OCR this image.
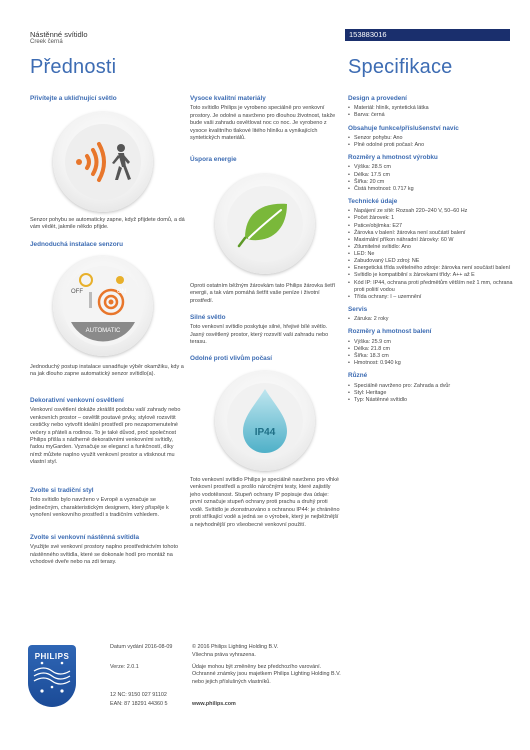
Nástěnné svítidlo
Creek černá
153883016
Přednosti	Specifikace
Přivítejte a ukliďnující světlo
Senzor pohybu se automaticky zapne, když přijdete domů, a dá vám vědět, jakmile někdo přijde.
Jednoduchá instalace senzoru
OFF	ON
AUTOMATIC
Jednoduchý postup instalace usnadňuje výběr okamžiku, kdy a na jak dlouho zapne automatický senzor svítidlo(a).
Dekorativní venkovní osvětlení
Venkovní osvětlení dokáže zkrášlit podobu vaší zahrady nebo venkovních prostor – osvětlit poutavé prvky, stylově rozsvítit cestičky nebo vytvořit ideální prostředí pro nezapomenutelné večery s přáteli a rodinou. To je také důvod, proč společnost Philips přišla s nádherně dekorativními venkovními svítidly, řadou myGarden. Vyznačuje se elegancí a funkčností, díky nímž můžete naplno využít venkovní prostor a vtisknout mu vlastní styl.
Zvolte si tradiční styl
Toto svítidlo bylo navrženo v Evropě a vyznačuje se jedinečným, charakteristickým designem, který přispěje k vynoření venkovního prostředí s tradičním vzhledem.
Zvolte si venkovní nástěnná svítidla
Využijte své venkovní prostory naplno prostřednictvím tohoto nástěnného svítidla, které se dokonale hodí pro montáž na vchodové dveře nebo na zdi terasy.
Vysoce kvalitní materiály
Toto svítidlo Philips je vyrobeno speciálně pro venkovní prostory. Je odolné a navrženo pro dlouhou životnost, takže bude vaši zahradu osvětlovat noc co noc. Je vyrobeno z vysoce kvalitního tlakové litého hliníku a vynikajících syntetických materiálů.
Úspora energie
Oproti ostatním běžným žárovkám tato Philips žárovka šetří energii, a tak vám pomáhá šetřit vaše peníze i životní prostředí.
Silné světlo
Toto venkovní svítidlo poskytuje silné, hřejivé bílé světlo. Jasný osvětlený prostor, který rozsvítí vaši zahradu nebo terasu.
Odolné proti vlivům počasí
IP44
Toto venkovní svítidlo Philips je speciálně navrženo pro vlhké venkovní prostředí a prošlo náročnými testy, které zajistily jeho vodotěsnost. Stupeň ochrany IP popisuje dva údaje: první označuje stupeň ochrany proti prachu a druhý proti vodě. Svítidlo je zkonstruováno s ochranou IP44: je chráněno proti stříkající vodě a jedná se o výrobek, který je nejběžnější a nejvhodnější pro všeobecné venkovní použití.
Design a provedení
• Materiál: hliník, syntetická látka
• Barva: černá
Obsahuje funkce/příslušenství navíc
• Senzor pohybu: Ano
• Plně odolné proti počasí: Ano
Rozměry a hmotnost výrobku
• Výška: 28.5 cm
• Délka: 17.5 cm
• Šířka: 20 cm
• Čistá hmotnost: 0.717 kg
Technické údaje
• Napájení ze sítě: Rozsah 220–240 V, 50–60 Hz
• Počet žárovek: 1
• Patice/objímka: E27
• Žárovka v balení: žárovka není součástí balení
• Maximální příkon náhradní žárovky: 60 W
• Ztlumitelné svítidlo: Ano
• LED: Ne
• Zabudovaný LED zdroj: NE
• Energetická třída světelného zdroje: žárovka není součástí balení
• Svítidlo je kompatibilní s žárovkami třídy: A++ až E
• Kód IP: IP44, ochrana proti předmětům větším než 1 mm, ochrana proti poliití vodou
• Třída ochrany: I – uzemnění
Servis
• Záruka: 2 roky
Rozměry a hmotnost balení
• Výška: 25.9 cm
• Délka: 21.8 cm
• Šířka: 18.3 cm
• Hmotnost: 0.940 kg
Různé
• Speciálně navrženo pro: Zahrada a dvůr
• Styl: Heritage
• Typ: Nástěnné svítidlo
PHILIPS
Datum vydání 2016-08-09
Verze: 2.0.1
12 NC: 9150 027 91102
EAN: 87 18291 44360 5
© 2016 Philips Lighting Holding B.V.
Všechna práva vyhrazena.
Údaje mohou být změněny bez předchozího varování. Ochranné známky jsou majetkem Philips Lighting Holding B.V. nebo jejich příslušných vlastníků.
www.philips.com
